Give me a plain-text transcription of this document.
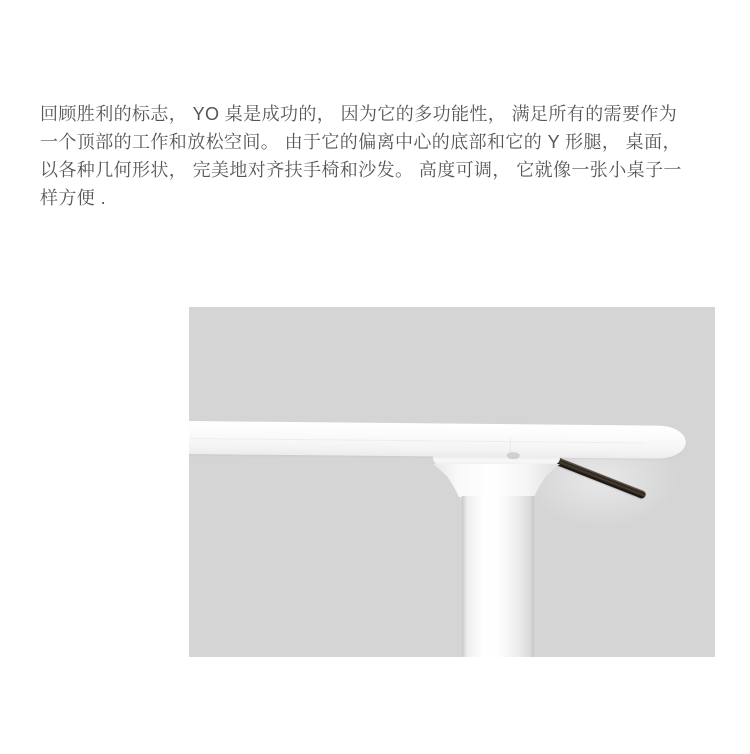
回顾胜利的标志， YO 桌是成功的， 因为它的多功能性， 满足所有的需要作为
一个顶部的工作和放松空间。 由于它的偏离中心的底部和它的 Y 形腿， 桌面，
以各种几何形状， 完美地对齐扶手椅和沙发。 高度可调， 它就像一张小桌子一
样方便 .
